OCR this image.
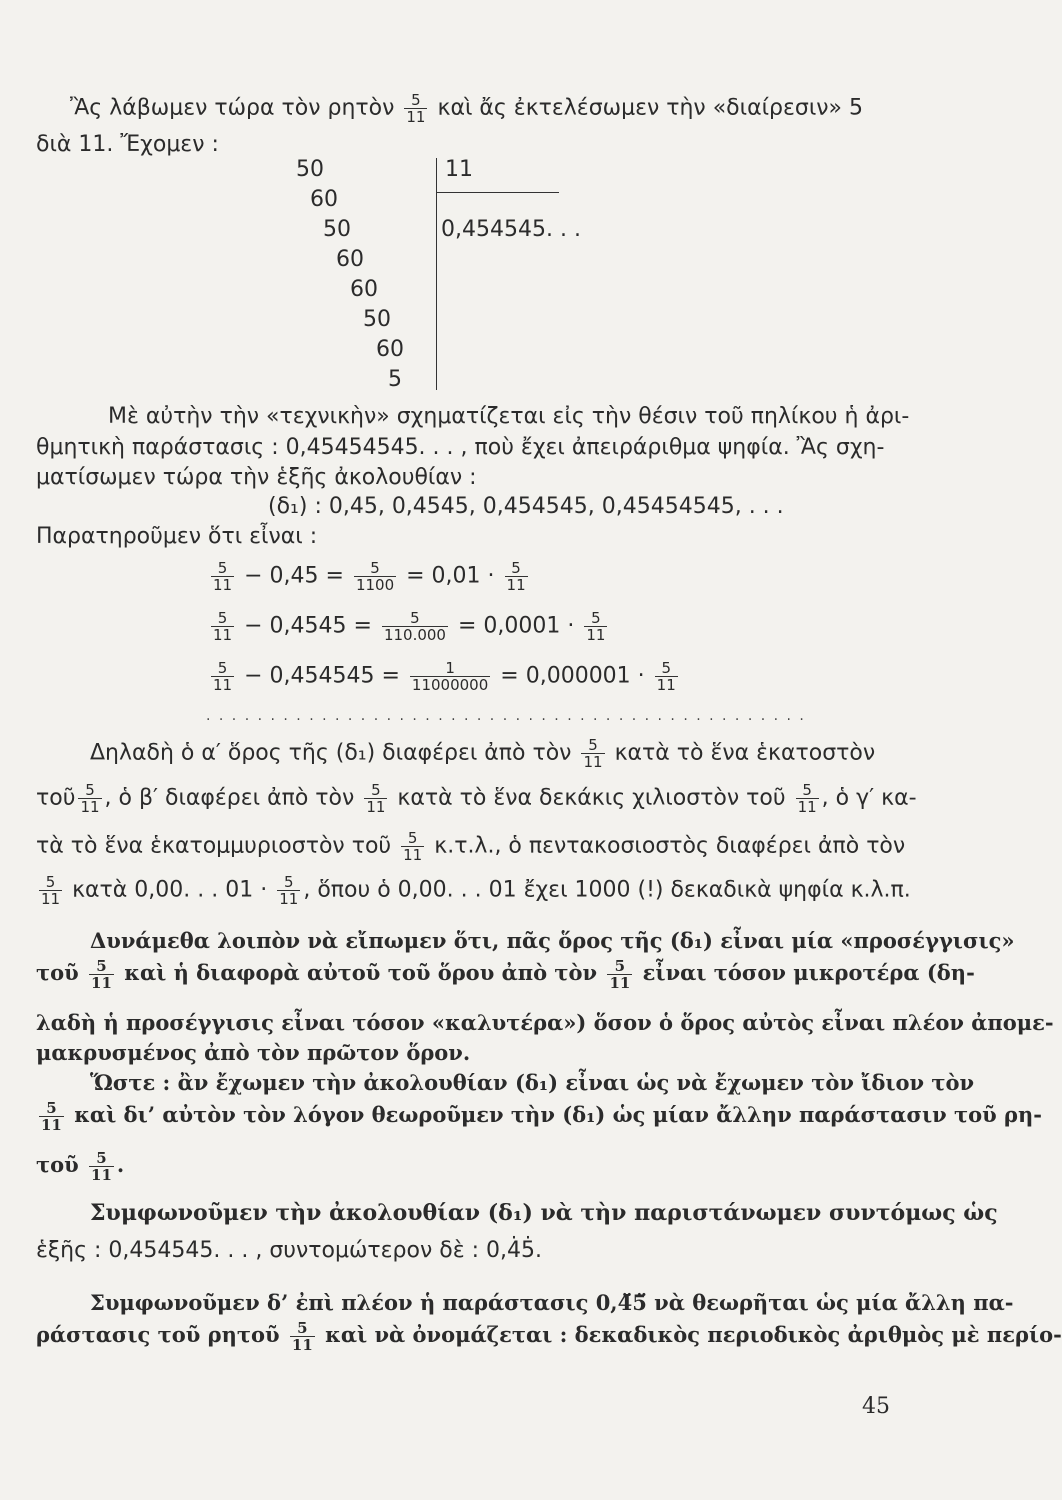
Ἂς λάβωμεν τώρα τὸν ρητὸν $\frac{5}{11}$ καὶ ἄς ἐκτελέσωμεν τὴν «διαίρεσιν» 5
διὰ 11. Ἔχομεν :
11
0,454545. . .
50
60
50
60
60
50
60
5
Μὲ αὐτὴν τὴν «τεχνικὴν» σχηματίζεται εἰς τὴν θέσιν τοῦ πηλίκου ἡ ἀρι-
θμητικὴ παράστασις : 0,45454545. . . , ποὺ ἔχει ἀπειράριθμα ψηφία. Ἂς σχη-
ματίσωμεν τώρα τὴν ἑξῆς ἀκολουθίαν :
(δ₁) : 0,45, 0,4545, 0,454545, 0,45454545, . . .
Παρατηροῦμεν ὅτι εἶναι :
$\frac{5}{11} - 0,45 = \frac{5}{1100} = 0,01 \cdot \frac{5}{11}$
$\frac{5}{11} - 0,4545 = \frac{5}{110.000} = 0,0001 \cdot \frac{5}{11}$
$\frac{5}{11} - 0,454545 = \frac{1}{11000000} = 0,000001 \cdot \frac{5}{11}$
. . . . . . . . . . . . . . . . . . . . . . . . . . . . . . . . . . . . . . . . . . . . . . .
Δηλαδὴ ὁ α′ ὅρος τῆς (δ₁) διαφέρει ἀπὸ τὸν $\frac{5}{11}$ κατὰ τὸ ἕνα ἑκατοστὸν
τοῦ $\frac{5}{11}$ , ὁ β′ διαφέρει ἀπὸ τὸν $\frac{5}{11}$ κατὰ τὸ ἕνα δεκάκις χιλιοστὸν τοῦ $\frac{5}{11}$ , ὁ γ′ κα-
τὰ τὸ ἕνα ἑκατομμυριοστὸν τοῦ $\frac{5}{11} \kappa.\tau.\lambda$., ὁ πεντακοσιοστὸς διαφέρει ἀπὸ τὸν
$\frac{5}{11}$ κατὰ 0,00. . . $01 \cdot \frac{5}{11}$ , ὅπου ὁ 0,00. . . 01 ἔχει 1000 (!) δεκαδικὰ ψηφία κ.λ.π.
Δυνάμεθα λοιπὸν νὰ εἴπωμεν ὅτι, πᾶς ὅρος τῆς (δ₁) εἶναι μία «προσέγγισις»
τοῦ $\frac{5}{11}$ καὶ ἡ διαφορὰ αὐτοῦ τοῦ ὅρου ἀπὸ τὸν $\frac{5}{11}$ εἶναι τόσον μικροτέρα (δη-
λαδὴ ἡ προσέγγισις εἶναι τόσον «καλυτέρα») ὅσον ὁ ὅρος αὐτὸς εἶναι πλέον ἀπομε-
μακρυσμένος ἀπὸ τὸν πρῶτον ὅρον.
Ὥστε : ἂν ἔχωμεν τὴν ἀκολουθίαν (δ₁) εἶναι ὡς νὰ ἔχωμεν τὸν ἴδιον τὸν
$\frac{5}{11}$ καὶ δι’ αὐτὸν τὸν λόγον θεωροῦμεν τὴν (δ₁) ὡς μίαν ἄλλην παράστασιν τοῦ ρη-
τοῦ $\frac{5}{11}$ .
Συμφωνοῦμεν τὴν ἀκολουθίαν (δ₁) νὰ τὴν παριστάνωμεν συντόμως ὡς
ἑξῆς : 0,454545. . . , συντομώτερον δὲ : 0,4̇5̇.
Συμφωνοῦμεν δ’ ἐπὶ πλέον ἡ παράστασις 0,4̈5̈ νὰ θεωρῆται ὡς μία ἄλλη πα-
ράστασις τοῦ ρητοῦ $\frac{5}{11}$ καὶ νὰ ὀνομάζεται : δεκαδικὸς περιοδικὸς ἀριθμὸς μὲ περίο-
45
